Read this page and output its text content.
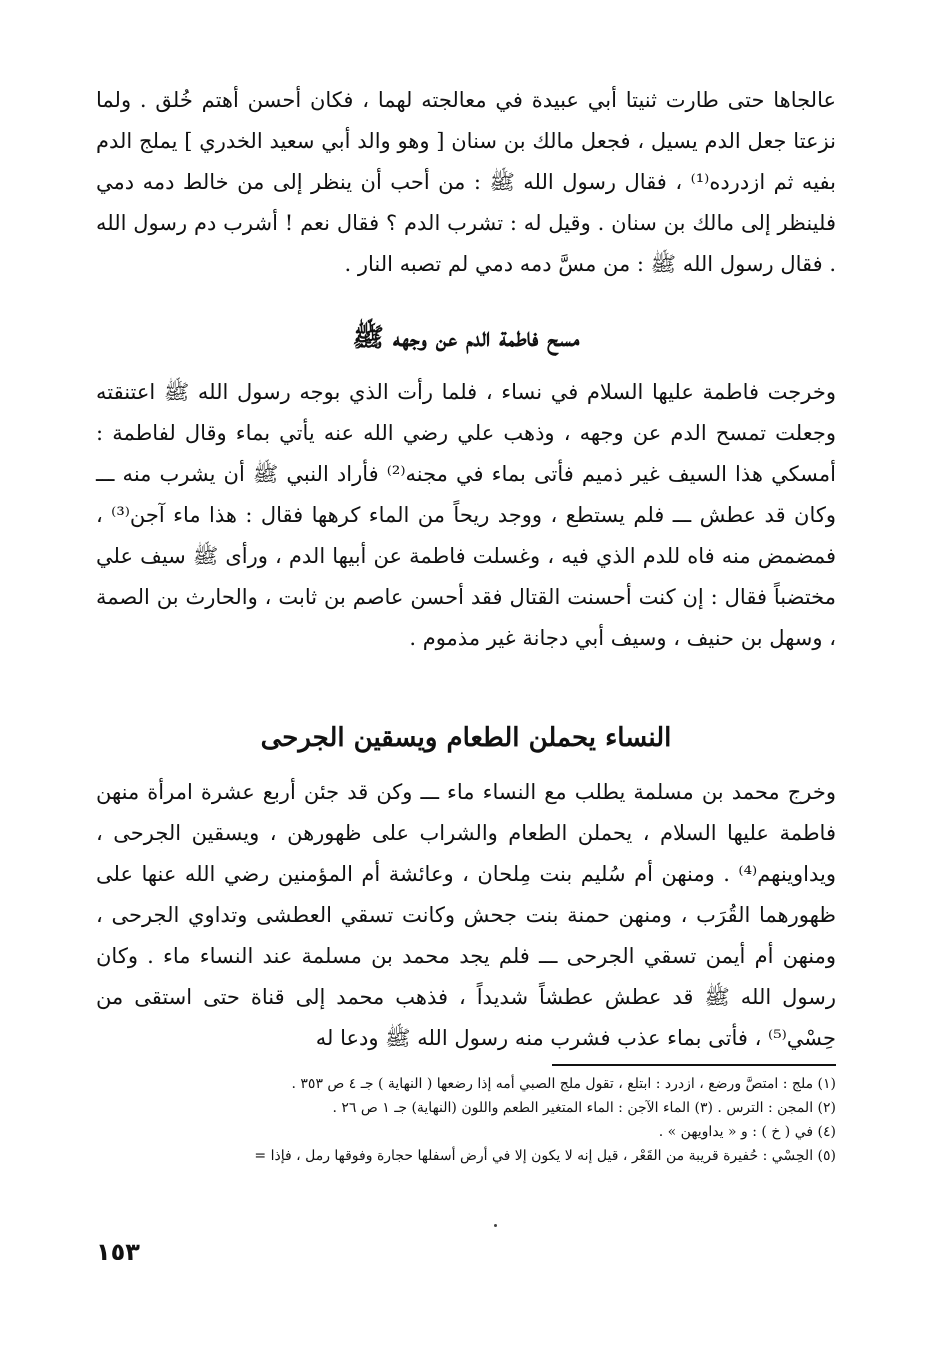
عالجاها حتى طارت ثنيتا أبي عبيدة في معالجته لهما ، فكان أحسن أهتم خُلق . ولما نزعتا جعل الدم يسيل ، فجعل مالك بن سنان [ وهو والد أبي سعيد الخدري ] يملج الدم بفيه ثم ازدرده⁽¹⁾ ، فقال رسول الله ﷺ : من أحب أن ينظر إلى من خالط دمه دمي فلينظر إلى مالك بن سنان . وقيل له : تشرب الدم ؟ فقال نعم ! أشرب دم رسول الله . فقال رسول الله ﷺ : من مسَّ دمه دمي لم تصبه النار .

مسح فاطمة الدم عن وجهه ﷺ

وخرجت فاطمة عليها السلام في نساء ، فلما رأت الذي بوجه رسول الله ﷺ اعتنقته وجعلت تمسح الدم عن وجهه ، وذهب علي رضي الله عنه يأتي بماء وقال لفاطمة : أمسكي هذا السيف غير ذميم فأتى بماء في مجنه⁽²⁾ فأراد النبي ﷺ أن يشرب منه ـــ وكان قد عطش ـــ فلم يستطع ، ووجد ريحاً من الماء كرهها فقال : هذا ماء آجن⁽³⁾ ، فمضمض منه فاه للدم الذي فيه ، وغسلت فاطمة عن أبيها الدم ، ورأى ﷺ سيف علي مختضباً فقال : إن كنت أحسنت القتال فقد أحسن عاصم بن ثابت ، والحارث بن الصمة ، وسهل بن حنيف ، وسيف أبي دجانة غير مذموم .

النساء يحملن الطعام ويسقين الجرحى

وخرج محمد بن مسلمة يطلب مع النساء ماء ـــ وكن قد جئن أربع عشرة امرأة منهن فاطمة عليها السلام ، يحملن الطعام والشراب على ظهورهن ، ويسقين الجرحى ، ويداوينهم⁽⁴⁾ . ومنهن أم سُليم بنت مِلحان ، وعائشة أم المؤمنين رضي الله عنها على ظهورهما القُرَب ، ومنهن حمنة بنت جحش وكانت تسقي العطشى وتداوي الجرحى ، ومنهن أم أيمن تسقي الجرحى ـــ فلم يجد محمد بن مسلمة عند النساء ماء . وكان رسول الله ﷺ قد عطش عطشاً شديداً ، فذهب محمد إلى قناة حتى استقى من حِسْي⁽⁵⁾ ، فأتى بماء عذب فشرب منه رسول الله ﷺ ودعا له

(١) ملج : امتصَّ ورضع ، ازدرد : ابتلع ، تقول ملج الصبي أمه إذا رضعها ( النهاية ) جـ ٤ ص ٣٥٣ .
(٢) المجن : الترس . (٣) الماء الآجن : الماء المتغير الطعم واللون (النهاية) جـ ١ ص ٢٦ .
(٤) في ( خ ) : و « يداويهن » .
(٥) الحِسْي : حُفيرة قريبة من القَعْر ، قيل إنه لا يكون إلا في أرض أسفلها حجارة وفوقها رمل ، فإذا =
١٥٣
